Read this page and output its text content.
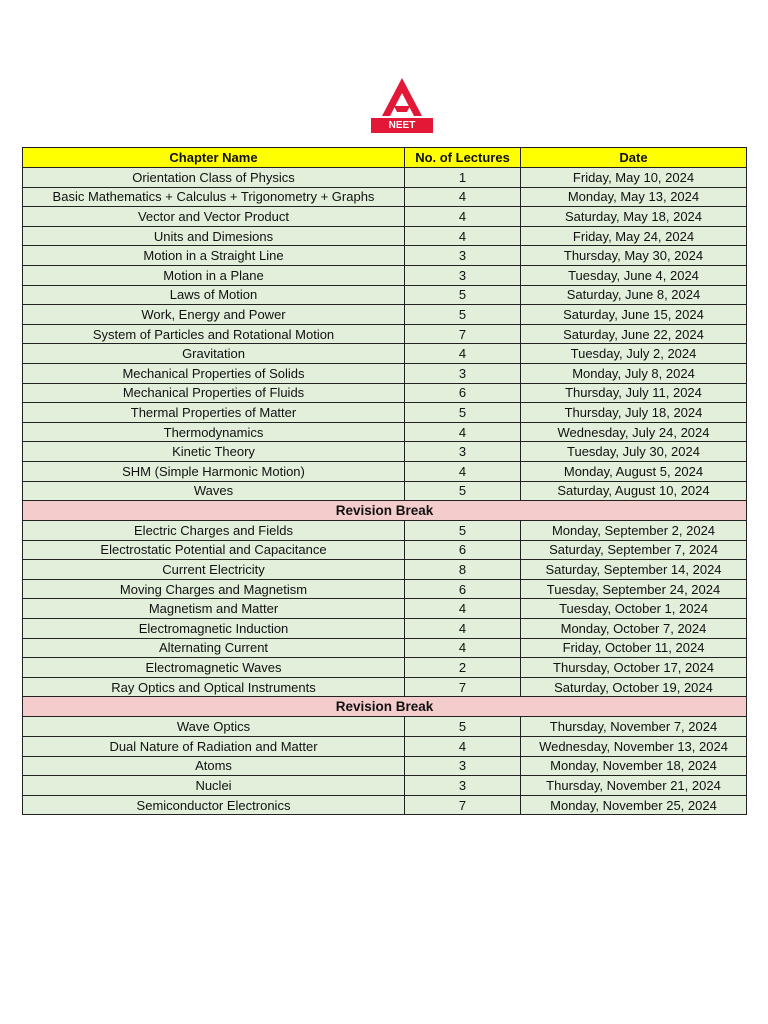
NEET
Chapter Name	No. of Lectures	Date
Orientation Class of Physics	1	Friday, May 10, 2024
Basic Mathematics + Calculus + Trigonometry + Graphs	4	Monday, May 13, 2024
Vector and Vector Product	4	Saturday, May 18, 2024
Units and Dimesions	4	Friday, May 24, 2024
Motion in a Straight Line	3	Thursday, May 30, 2024
Motion in a Plane	3	Tuesday, June 4, 2024
Laws of Motion	5	Saturday, June 8, 2024
Work, Energy and Power	5	Saturday, June 15, 2024
System of Particles and Rotational Motion	7	Saturday, June 22, 2024
Gravitation	4	Tuesday, July 2, 2024
Mechanical Properties of Solids	3	Monday, July 8, 2024
Mechanical Properties of Fluids	6	Thursday, July 11, 2024
Thermal Properties of Matter	5	Thursday, July 18, 2024
Thermodynamics	4	Wednesday, July 24, 2024
Kinetic Theory	3	Tuesday, July 30, 2024
SHM (Simple Harmonic Motion)	4	Monday, August 5, 2024
Waves	5	Saturday, August 10, 2024
Revision Break		
Electric Charges and Fields	5	Monday, September 2, 2024
Electrostatic Potential and Capacitance	6	Saturday, September 7, 2024
Current Electricity	8	Saturday, September 14, 2024
Moving Charges and Magnetism	6	Tuesday, September 24, 2024
Magnetism and Matter	4	Tuesday, October 1, 2024
Electromagnetic Induction	4	Monday, October 7, 2024
Alternating Current	4	Friday, October 11, 2024
Electromagnetic Waves	2	Thursday, October 17, 2024
Ray Optics and Optical Instruments	7	Saturday, October 19, 2024
Revision Break		
Wave Optics	5	Thursday, November 7, 2024
Dual Nature of Radiation and Matter	4	Wednesday, November 13, 2024
Atoms	3	Monday, November 18, 2024
Nuclei	3	Thursday, November 21, 2024
Semiconductor Electronics	7	Monday, November 25, 2024
